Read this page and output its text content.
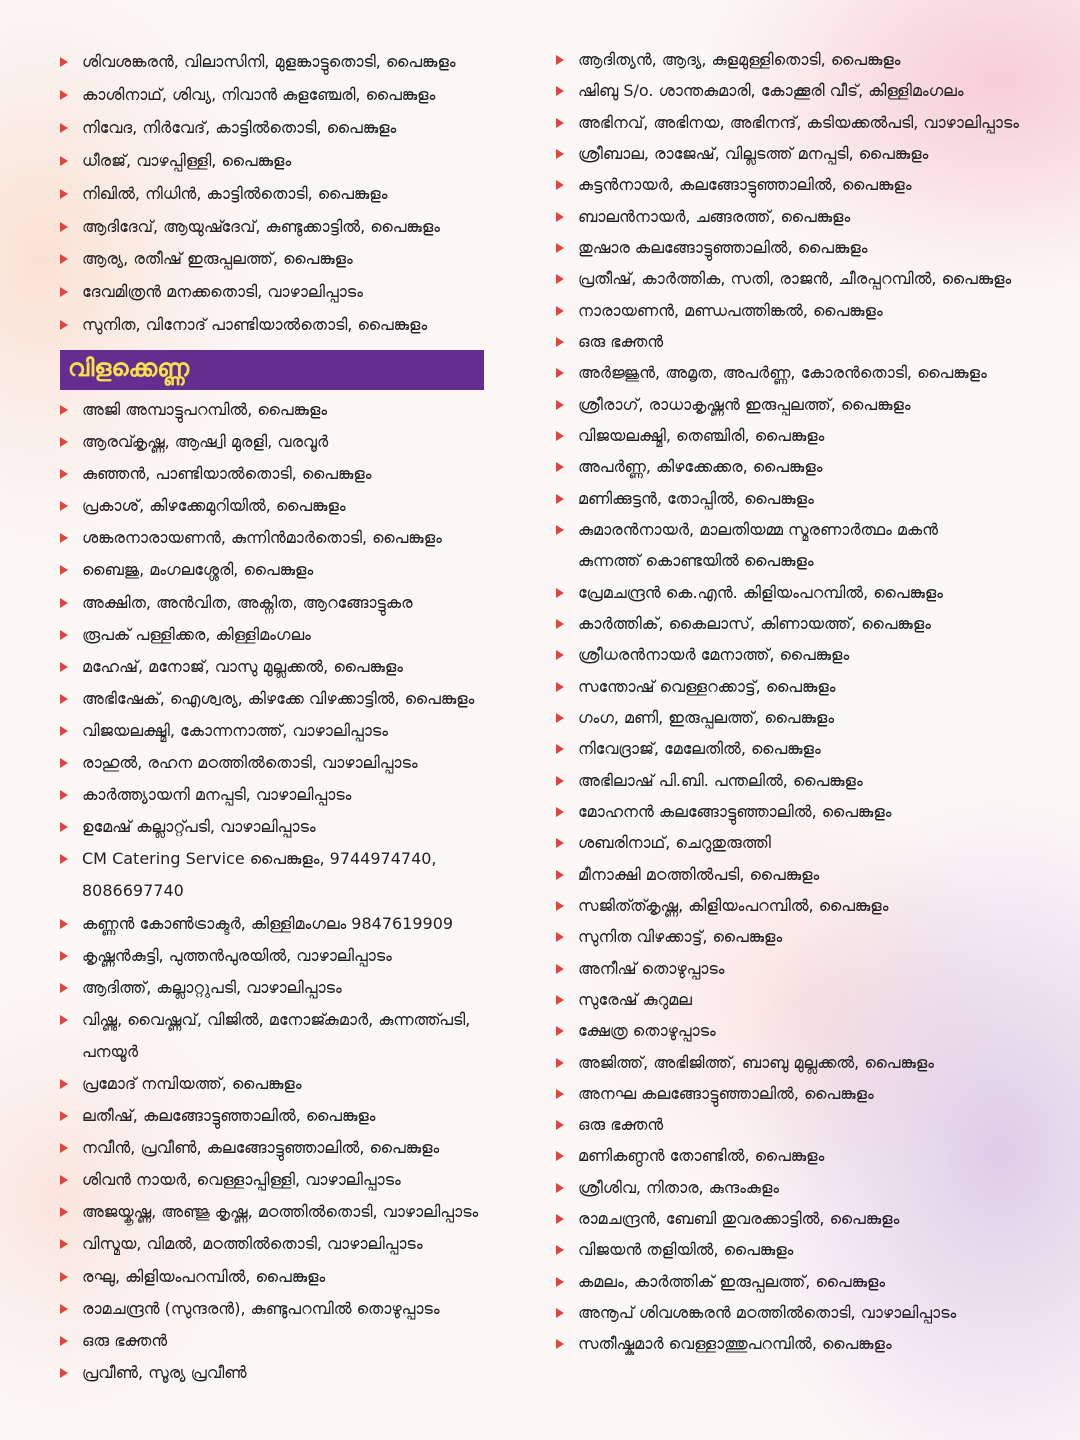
ശിവശങ്കരൻ, വിലാസിനി, മുളങ്കാട്ടുതൊടി, പൈങ്കുളം
കാശിനാഥ്, ശിവ്യ, നിവാൻ കുളഞ്ചേരി, പൈങ്കുളം
നിവേദ, നിർവേദ്, കാട്ടിൽതൊടി, പൈങ്കുളം
ധീരജ്, വാഴപ്പിള്ളി, പൈങ്കുളം
നിഖിൽ, നിധിൻ, കാട്ടിൽതൊടി, പൈങ്കുളം
ആദിദേവ്, ആയുഷ്ദേവ്, കുണ്ടുക്കാട്ടിൽ, പൈങ്കുളം
ആര്യ, രതീഷ് ഇരുപ്പലത്ത്, പൈങ്കുളം
ദേവമിത്രൻ മനക്കതൊടി, വാഴാലിപ്പാടം
സുനിത, വിനോദ് പാണ്ടിയാൽതൊടി, പൈങ്കുളം
വിളക്കെണ്ണ
അജി അമ്പാട്ടുപറമ്പിൽ, പൈങ്കുളം
ആരവ്കൃഷ്ണ, ആഷ്വി മുരളി, വരവൂർ
കുഞ്ഞൻ, പാണ്ടിയാൽതൊടി, പൈങ്കുളം
പ്രകാശ്, കിഴക്കേമുറിയിൽ, പൈങ്കുളം
ശങ്കരനാരായണൻ, കുന്നിൻമാർതൊടി, പൈങ്കുളം
ബൈജു, മംഗലശ്ശേരി, പൈങ്കുളം
അക്ഷിത, അൻവിത, അക്നിത, ആറങ്ങോട്ടുകര
രൂപക് പള്ളിക്കര, കിള്ളിമംഗലം
മഹേഷ്, മനോജ്, വാസു മുല്ലക്കൽ, പൈങ്കുളം
അഭിഷേക്, ഐശ്വര്യ, കിഴക്കേ വിഴക്കാട്ടിൽ, പൈങ്കുളം
വിജയലക്ഷ്മി, കോന്നനാത്ത്, വാഴാലിപ്പാടം
രാഹുൽ, രഹന മഠത്തിൽതൊടി, വാഴാലിപ്പാടം
കാർത്ത്യായനി മനപ്പടി, വാഴാലിപ്പാടം
ഉമേഷ് കല്ലാറ്റ്പടി, വാഴാലിപ്പാടം
CM Catering Service പൈങ്കുളം, 9744974740,
8086697740
കണ്ണൻ കോൺട്രാക്ടർ, കിള്ളിമംഗലം 9847619909
കൃഷ്ണൻകുട്ടി, പുത്തൻപുരയിൽ, വാഴാലിപ്പാടം
ആദിത്ത്, കല്ലാറ്റുപടി, വാഴാലിപ്പാടം
വിഷ്ണു, വൈഷ്ണവ്, വിജിൽ, മനോജ്കുമാർ, കുന്നത്ത്പടി,
പനയൂർ
പ്രമോദ് നമ്പിയത്ത്, പൈങ്കുളം
ലതീഷ്, കലങ്ങോട്ടുഞ്ഞാലിൽ, പൈങ്കുളം
നവീൻ, പ്രവീൺ, കലങ്ങോട്ടുഞ്ഞാലിൽ, പൈങ്കുളം
ശിവൻ നായർ, വെള്ളാപ്പിള്ളി, വാഴാലിപ്പാടം
അജയ്കൃഷ്ണ, അഞ്ജു കൃഷ്ണ, മഠത്തിൽതൊടി, വാഴാലിപ്പാടം
വിസ്മയ, വിമൽ, മഠത്തിൽതൊടി, വാഴാലിപ്പാടം
രഘു, കിളിയംപറമ്പിൽ, പൈങ്കുളം
രാമചന്ദ്രൻ (സുന്ദരൻ), കുണ്ടുപറമ്പിൽ തൊഴുപ്പാടം
ഒരു ഭക്തൻ
പ്രവീൺ, സൂര്യ പ്രവീൺ
ആദിത്യൻ, ആദ്യ, കുളമുള്ളിതൊടി, പൈങ്കുളം
ഷിബു S/o. ശാന്തകുമാരി, കോക്കൂരി വീട്, കിള്ളിമംഗലം
അഭിനവ്, അഭിനയ, അഭിനന്ദ്, കടിയക്കൽപടി, വാഴാലിപ്പാടം
ശ്രീബാല, രാജേഷ്, വില്ലടത്ത് മനപ്പടി, പൈങ്കുളം
കുട്ടൻനായർ, കലങ്ങോട്ടുഞ്ഞാലിൽ, പൈങ്കുളം
ബാലൻനായർ, ചങ്ങരത്ത്, പൈങ്കുളം
തുഷാര കലങ്ങോട്ടുഞ്ഞാലിൽ, പൈങ്കുളം
പ്രതീഷ്, കാർത്തിക, സതി, രാജൻ, ചീരപ്പറമ്പിൽ, പൈങ്കുളം
നാരായണൻ, മണ്ഡപത്തിങ്കൽ, പൈങ്കുളം
ഒരു ഭക്തൻ
അർജ്ജുൻ, അമൃത, അപർണ്ണ, കോരൻതൊടി, പൈങ്കുളം
ശ്രീരാഗ്, രാധാകൃഷ്ണൻ ഇരുപ്പലത്ത്, പൈങ്കുളം
വിജയലക്ഷ്മി, തെഞ്ചിരി, പൈങ്കുളം
അപർണ്ണ, കിഴക്കേക്കര, പൈങ്കുളം
മണിക്കുട്ടൻ, തോപ്പിൽ, പൈങ്കുളം
കുമാരൻനായർ, മാലതിയമ്മ സ്മരണാർത്ഥം മകൻ
കുന്നത്ത് കൊണ്ടയിൽ പൈങ്കുളം
പ്രേമചന്ദ്രൻ കെ.എൻ. കിളിയംപറമ്പിൽ, പൈങ്കുളം
കാർത്തിക്, കൈലാസ്, കിണായത്ത്, പൈങ്കുളം
ശ്രീധരൻനായർ മേനാത്ത്, പൈങ്കുളം
സന്തോഷ് വെള്ളറക്കാട്ട്, പൈങ്കുളം
ഗംഗ, മണി, ഇരുപ്പലത്ത്, പൈങ്കുളം
നിവേദ്രാജ്, മേലേതിൽ, പൈങ്കുളം
അഭിലാഷ് പി.ബി. പന്തലിൽ, പൈങ്കുളം
മോഹനൻ കലങ്ങോട്ടുഞ്ഞാലിൽ, പൈങ്കുളം
ശബരിനാഥ്, ചെറുതുരുത്തി
മീനാക്ഷി മഠത്തിൽപടി, പൈങ്കുളം
സജിത്ത്കൃഷ്ണ, കിളിയംപറമ്പിൽ, പൈങ്കുളം
സുനിത വിഴക്കാട്ട്, പൈങ്കുളം
അനീഷ് തൊഴുപ്പാടം
സുരേഷ് കുറുമല
ക്ഷേത്ര തൊഴുപ്പാടം
അജിത്ത്, അഭിജിത്ത്, ബാബു മുല്ലക്കൽ, പൈങ്കുളം
അനഘ കലങ്ങോട്ടുഞ്ഞാലിൽ, പൈങ്കുളം
ഒരു ഭക്തൻ
മണികണ്ഠൻ തോണ്ടിൽ, പൈങ്കുളം
ശ്രീശിവ, നിതാര, കുന്ദംകുളം
രാമചന്ദ്രൻ, ബേബി തുവരക്കാട്ടിൽ, പൈങ്കുളം
വിജയൻ തളിയിൽ, പൈങ്കുളം
കമലം, കാർത്തിക് ഇരുപ്പലത്ത്, പൈങ്കുളം
അനൂപ് ശിവശങ്കരൻ മഠത്തിൽതൊടി, വാഴാലിപ്പാടം
സതീഷ്കുമാർ വെള്ളാത്തുപറമ്പിൽ, പൈങ്കുളം
